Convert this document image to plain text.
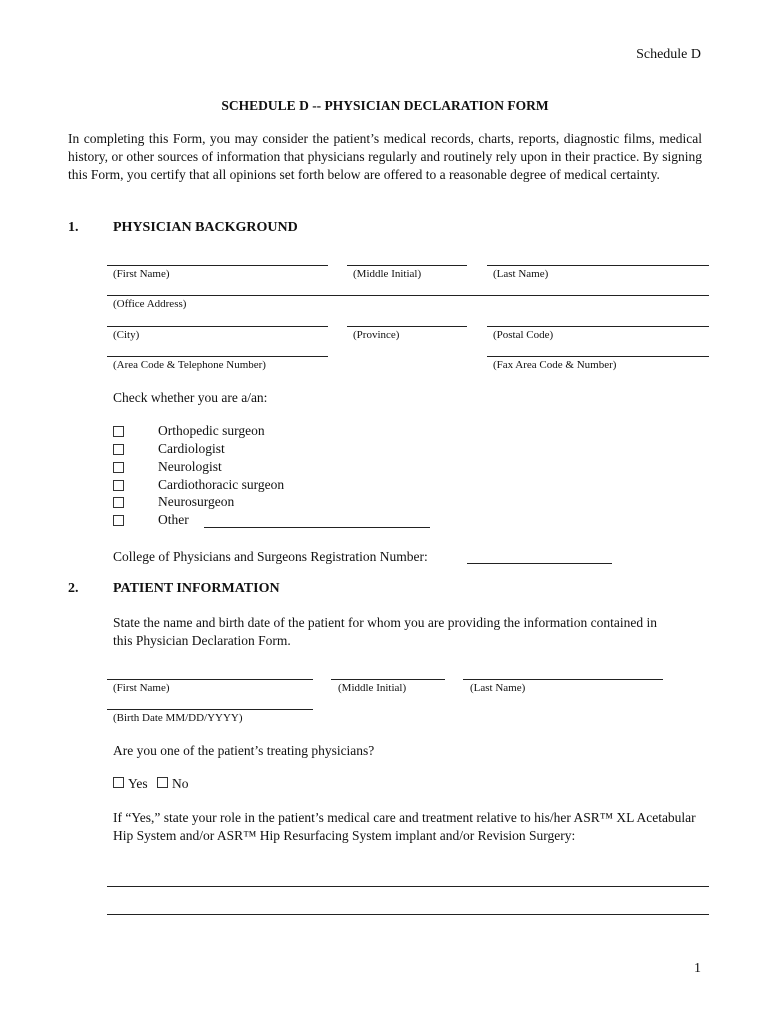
Schedule D
SCHEDULE D -- PHYSICIAN DECLARATION FORM
In completing this Form, you may consider the patient’s medical records, charts, reports, diagnostic films, medical history, or other sources of information that physicians regularly and routinely rely upon in their practice. By signing this Form, you certify that all opinions set forth below are offered to a reasonable degree of medical certainty.
1. PHYSICIAN BACKGROUND
(First Name)	(Middle Initial)	(Last Name)
(Office Address)
(City)	(Province)	(Postal Code)
(Area Code & Telephone Number)	(Fax Area Code & Number)
Check whether you are a/an:
Orthopedic surgeon
Cardiologist
Neurologist
Cardiothoracic surgeon
Neurosurgeon
Other
College of Physicians and Surgeons Registration Number:
2. PATIENT INFORMATION
State the name and birth date of the patient for whom you are providing the information contained in this Physician Declaration Form.
(First Name)	(Middle Initial)	(Last Name)
(Birth Date MM/DD/YYYY)
Are you one of the patient’s treating physicians?
Yes No
If “Yes,” state your role in the patient’s medical care and treatment relative to his/her ASR™ XL Acetabular Hip System and/or ASR™ Hip Resurfacing System implant and/or Revision Surgery:
1
